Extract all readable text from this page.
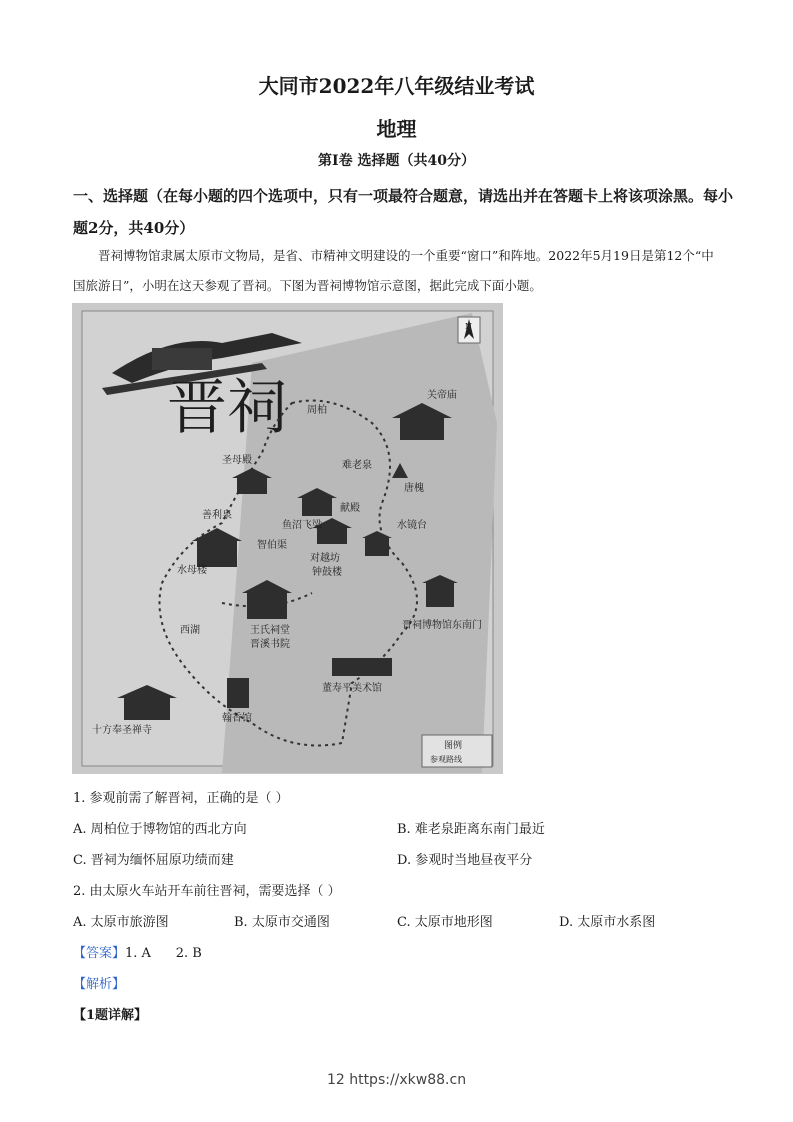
大同市2022年八年级结业考试
地理
第Ⅰ卷 选择题（共40分）
一、选择题（在每小题的四个选项中，只有一项最符合题意，请选出并在答题卡上将该项涂黑。每小题2分，共40分）
晋祠博物馆隶属太原市文物局，是省、市精神文明建设的一个重要“窗口”和阵地。2022年5月19日是第12个“中国旅游日”，小明在这天参观了晋祠。下图为晋祠博物馆示意图，据此完成下面小题。
晋祠
N
周柏
关帝庙
难老泉
唐槐
圣母殿
献殿
鱼沼飞梁	水镜台
对越坊
钟鼓楼
水母楼
善利泉
智伯渠
晋祠博物馆东南门
王氏祠堂
晋溪书院
西湖
董寿平美术馆
十方奉圣禅寺
翰香馆
图例
参观路线
1. 参观前需了解晋祠，正确的是（ ）
A. 周柏位于博物馆的西北方向	B. 难老泉距离东南门最近
C. 晋祠为缅怀屈原功绩而建	D. 参观时当地昼夜平分
2. 由太原火车站开车前往晋祠，需要选择（ ）
A. 太原市旅游图	B. 太原市交通图	C. 太原市地形图	D. 太原市水系图
【答案】1. A      2. B
【解析】
【1题详解】
12 https://xkw88.cn
